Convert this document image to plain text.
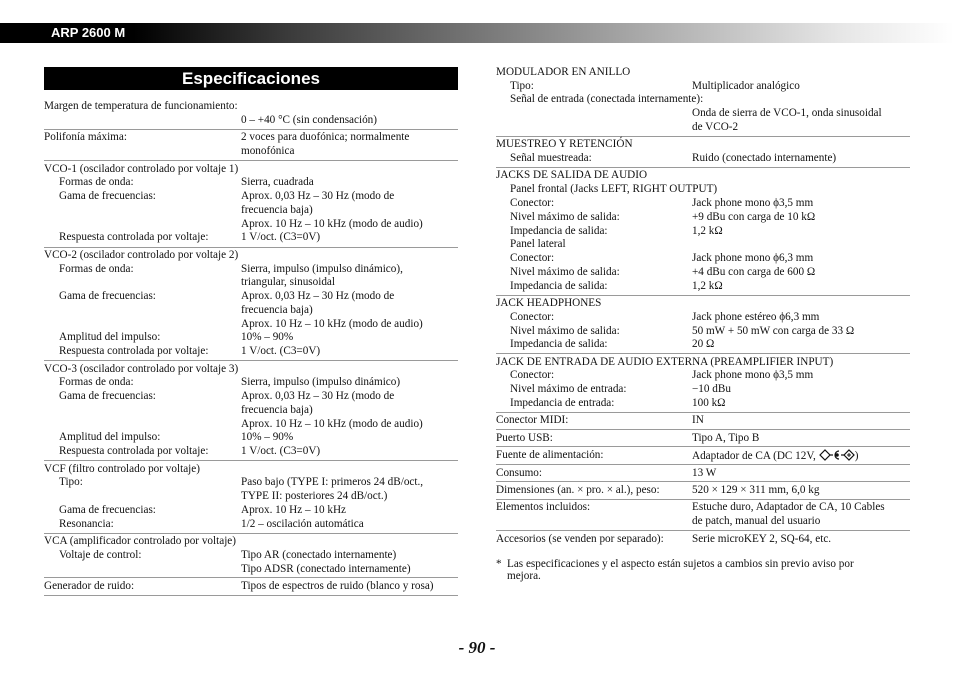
ARP 2600 M
Especificaciones
Margen de temperatura de funcionamiento:
0 – +40 °C (sin condensación)
Polifonía máxima:	2 voces para duofónica; normalmente
monofónica
VCO-1 (oscilador controlado por voltaje 1)
Formas de onda:	Sierra, cuadrada
Gama de frecuencias:	Aprox. 0,03 Hz – 30 Hz (modo de
frecuencia baja)
Aprox. 10 Hz – 10 kHz (modo de audio)
Respuesta controlada por voltaje:	1 V/oct. (C3=0V)
VCO-2 (oscilador controlado por voltaje 2)
Formas de onda:	Sierra, impulso (impulso dinámico),
triangular, sinusoidal
Gama de frecuencias:	Aprox. 0,03 Hz – 30 Hz (modo de
frecuencia baja)
Aprox. 10 Hz – 10 kHz (modo de audio)
Amplitud del impulso:	10% – 90%
Respuesta controlada por voltaje:	1 V/oct. (C3=0V)
VCO-3 (oscilador controlado por voltaje 3)
Formas de onda:	Sierra, impulso (impulso dinámico)
Gama de frecuencias:	Aprox. 0,03 Hz – 30 Hz (modo de
frecuencia baja)
Aprox. 10 Hz – 10 kHz (modo de audio)
Amplitud del impulso:	10% – 90%
Respuesta controlada por voltaje:	1 V/oct. (C3=0V)
VCF (filtro controlado por voltaje)
Tipo:	Paso bajo (TYPE I: primeros 24 dB/oct.,
TYPE II: posteriores 24 dB/oct.)
Gama de frecuencias:	Aprox. 10 Hz – 10 kHz
Resonancia:	1/2 – oscilación automática
VCA (amplificador controlado por voltaje)
Voltaje de control:	Tipo AR (conectado internamente)
Tipo ADSR (conectado internamente)
Generador de ruido:	Tipos de espectros de ruido (blanco y rosa)
MODULADOR EN ANILLO
Tipo:	Multiplicador analógico
Señal de entrada (conectada internamente):
Onda de sierra de VCO-1, onda sinusoidal
de VCO-2
MUESTREO Y RETENCIÓN
Señal muestreada:	Ruido (conectado internamente)
JACKS DE SALIDA DE AUDIO
Panel frontal (Jacks LEFT, RIGHT OUTPUT)
Conector:	Jack phone mono ϕ3,5 mm
Nivel máximo de salida:	+9 dBu con carga de 10 kΩ
Impedancia de salida:	1,2 kΩ
Panel lateral
Conector:	Jack phone mono ϕ6,3 mm
Nivel máximo de salida:	+4 dBu con carga de 600 Ω
Impedancia de salida:	1,2 kΩ
JACK HEADPHONES
Conector:	Jack phone estéreo ϕ6,3 mm
Nivel máximo de salida:	50 mW + 50 mW con carga de 33 Ω
Impedancia de salida:	20 Ω
JACK DE ENTRADA DE AUDIO EXTERNA (PREAMPLIFIER INPUT)
Conector:	Jack phone mono ϕ3,5 mm
Nivel máximo de entrada:	−10 dBu
Impedancia de entrada:	100 kΩ
Conector MIDI:	IN
Puerto USB:	Tipo A, Tipo B
Fuente de alimentación:	Adaptador de CA (DC 12V,	)
Consumo:	13 W
Dimensiones (an. × pro. × al.), peso:	520 × 129 × 311 mm, 6,0 kg
Elementos incluidos:	Estuche duro, Adaptador de CA, 10 Cables
de patch, manual del usuario
Accesorios (se venden por separado):	Serie microKEY 2, SQ-64, etc.
* Las especificaciones y el aspecto están sujetos a cambios sin previo aviso por
mejora.
- 90 -
